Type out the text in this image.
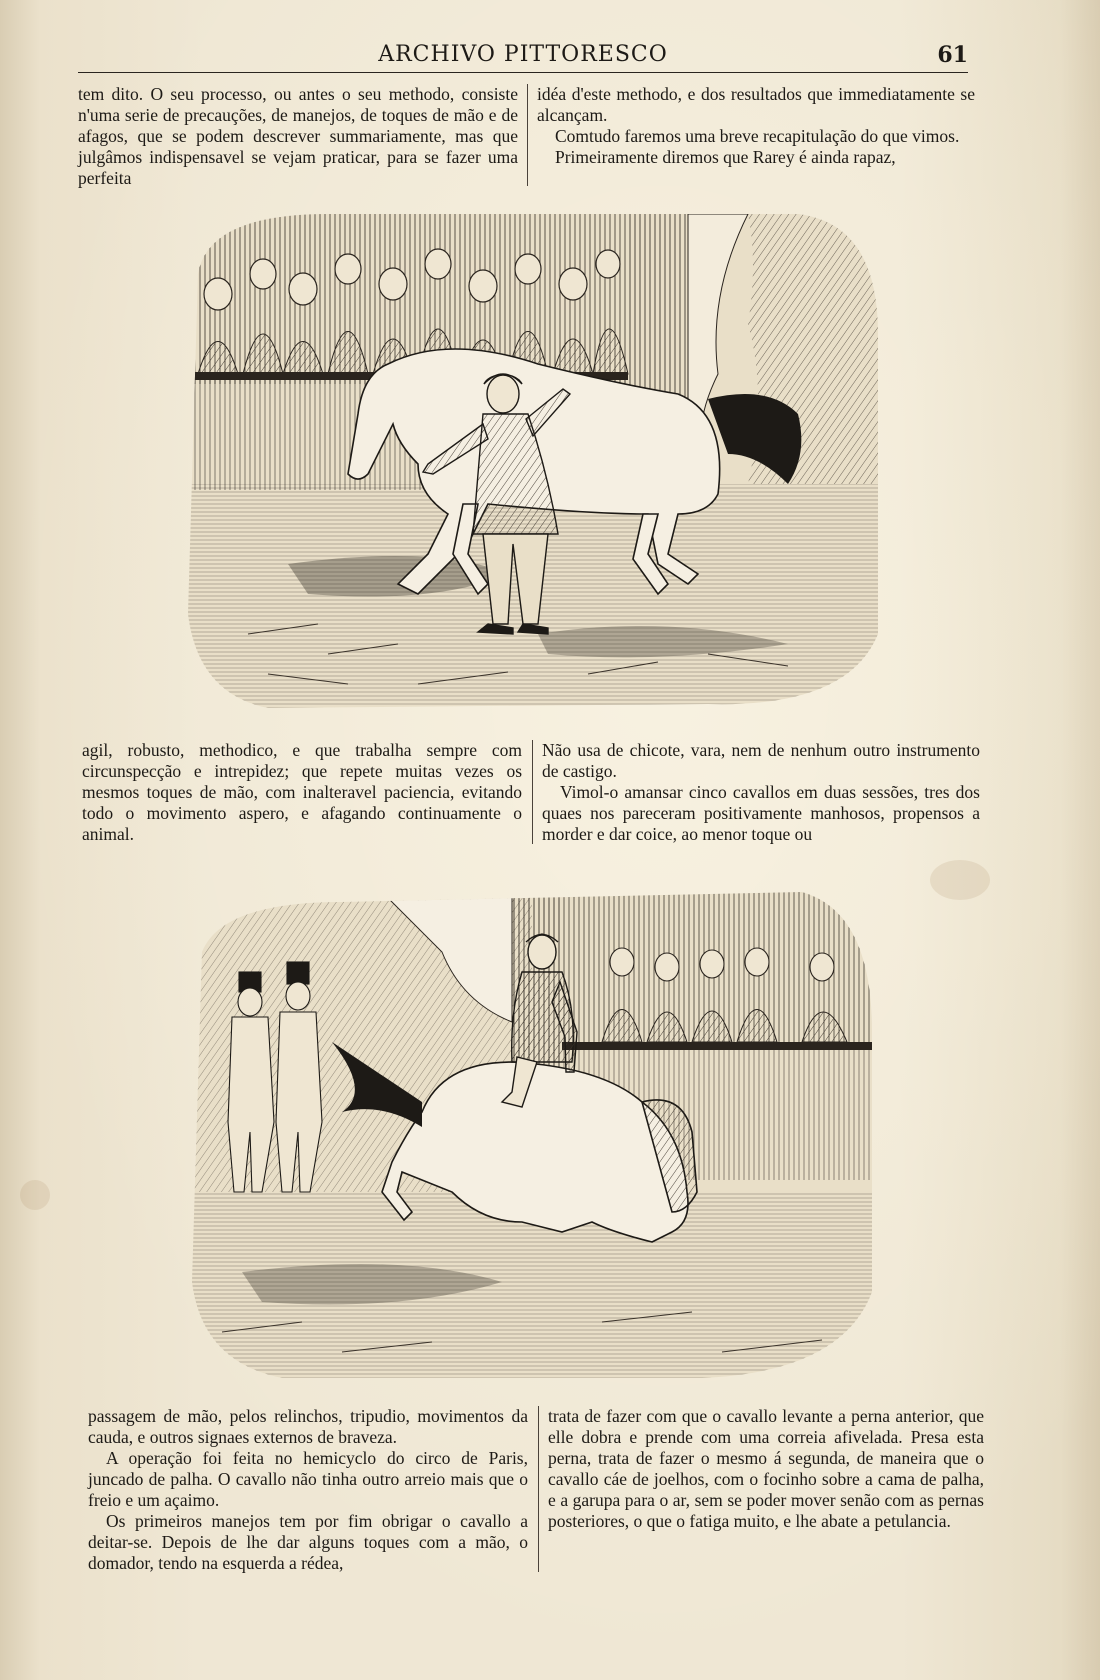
ARCHIVO PITTORESCO	61

tem dito. O seu processo, ou antes o seu methodo, consiste n'uma serie de precauções, de manejos, de toques de mão e de afagos, que se podem descrever summariamente, mas que julgâmos indispensavel se vejam praticar, para se fazer uma perfeita

idéa d'este methodo, e dos resultados que immediatamente se alcançam.

Comtudo faremos uma breve recapitulação do que vimos.

Primeiramente diremos que Rarey é ainda rapaz,

agil, robusto, methodico, e que trabalha sempre com circunspecção e intrepidez; que repete muitas vezes os mesmos toques de mão, com inalteravel paciencia, evitando todo o movimento aspero, e afagando continuamente o animal.

Não usa de chicote, vara, nem de nenhum outro instrumento de castigo.

Vimol-o amansar cinco cavallos em duas sessões, tres dos quaes nos pareceram positivamente manhosos, propensos a morder e dar coice, ao menor toque ou

passagem de mão, pelos relinchos, tripudio, movimentos da cauda, e outros signaes externos de braveza.

A operação foi feita no hemicyclo do circo de Paris, juncado de palha. O cavallo não tinha outro arreio mais que o freio e um açaimo.

Os primeiros manejos tem por fim obrigar o cavallo a deitar-se. Depois de lhe dar alguns toques com a mão, o domador, tendo na esquerda a rédea,

trata de fazer com que o cavallo levante a perna anterior, que elle dobra e prende com uma correia afivelada. Presa esta perna, trata de fazer o mesmo á segunda, de maneira que o cavallo cáe de joelhos, com o focinho sobre a cama de palha, e a garupa para o ar, sem se poder mover senão com as pernas posteriores, o que o fatiga muito, e lhe abate a petulancia.
